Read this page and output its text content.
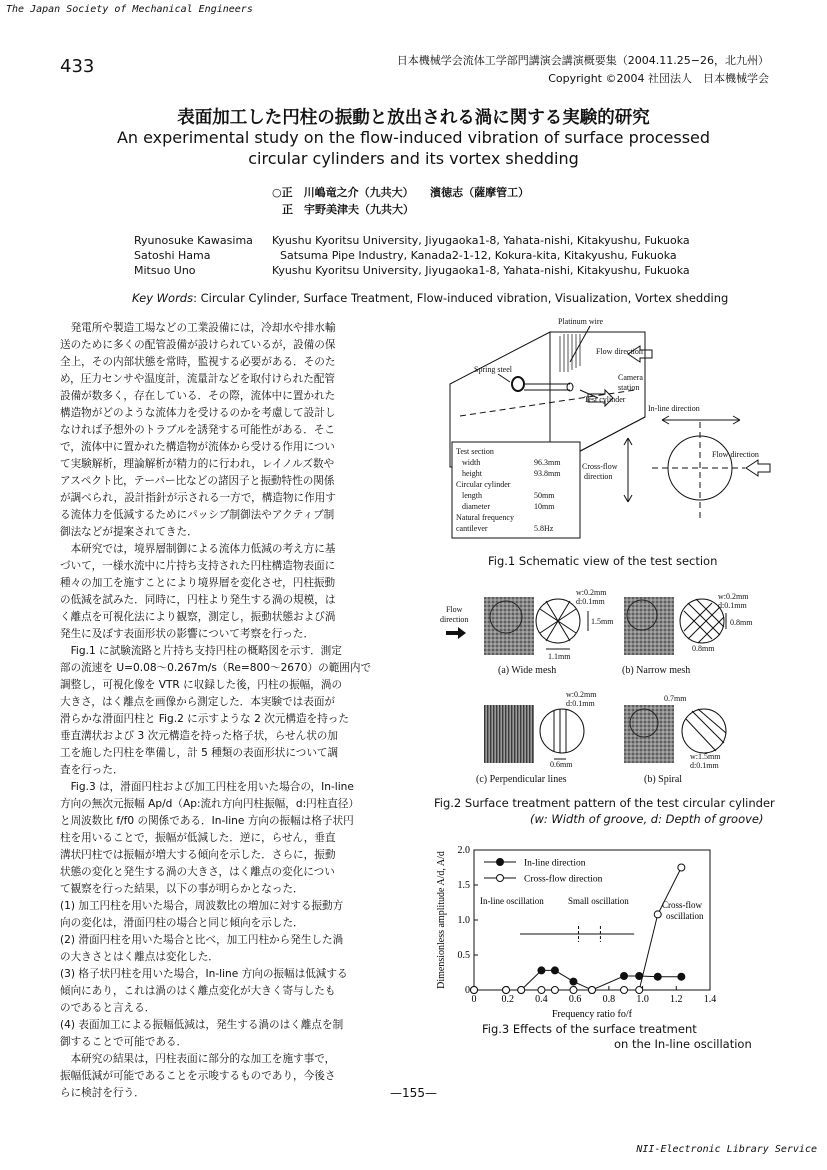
The Japan Society of Mechanical Engineers
433	日本機械学会流体工学部門講演会講演概要集（2004.11.25−26，北九州）
Copyright ©2004 社団法人　日本機械学会
表面加工した円柱の振動と放出される渦に関する実験的研究
An experimental study on the flow-induced vibration of surface processed
circular cylinders and its vortex shedding
○正　川嶋竜之介（九共大）　　濱徳志（薩摩管工）
正　宇野美津夫（九共大）
Ryunosuke Kawasima Kyushu Kyoritsu University, Jiyugaoka1-8, Yahata-nishi, Kitakyushu, Fukuoka
Satoshi Hama	Satsuma Pipe Industry, Kanada2-1-12, Kokura-kita, Kitakyushu, Fukuoka
Mitsuo Uno	Kyushu Kyoritsu University, Jiyugaoka1-8, Yahata-nishi, Kitakyushu, Fukuoka
Key Words: Circular Cylinder, Surface Treatment, Flow-induced vibration, Visualization, Vortex shedding

　発電所や製造工場などの工業設備には，冷却水や排水輸

送のために多くの配管設備が設けられているが，設備の保

全上，その内部状態を常時，監視する必要がある．そのた

め，圧力センサや温度計，流量計などを取付けられた配管

設備が数多く，存在している．その際，流体中に置かれた

構造物がどのような流体力を受けるのかを考慮して設計し

なければ予想外のトラブルを誘発する可能性がある．そこ

で，流体中に置かれた構造物が流体から受ける作用につい

て実験解析，理論解析が精力的に行われ，レイノルズ数や

アスペクト比，テーパー比などの諸因子と振動特性の関係

が調べられ，設計指針が示される一方で，構造物に作用す

る流体力を低減するためにパッシブ制御法やアクティブ制

御法などが提案されてきた．

　本研究では，境界層制御による流体力低減の考え方に基

づいて，一様水流中に片持ち支持された円柱構造物表面に

種々の加工を施すことにより境界層を変化させ，円柱振動

の低減を試みた．同時に，円柱より発生する渦の規模，は

く離点を可視化法により観察，測定し，振動状態および渦

発生に及ぼす表面形状の影響について考察を行った．

　Fig.1 に試験流路と片持ち支持円柱の概略図を示す．測定

部の流速を U=0.08〜0.267m/s（Re=800〜2670）の範囲内で

調整し，可視化像を VTR に収録した後，円柱の振幅，渦の

大きさ，はく離点を画像から測定した．本実験では表面が

滑らかな滑面円柱と Fig.2 に示すような 2 次元構造を持った

垂直溝状および 3 次元構造を持った格子状，らせん状の加

工を施した円柱を準備し，計 5 種類の表面形状について調

査を行った．

　Fig.3 は，滑面円柱および加工円柱を用いた場合の，In-line

方向の無次元振幅 Ap/d（Ap:流れ方向円柱振幅，d:円柱直径）

と周波数比 f/f0 の関係である．In-line 方向の振幅は格子状円

柱を用いることで，振幅が低減した．逆に，らせん，垂直

溝状円柱では振幅が増大する傾向を示した．さらに，振動

状態の変化と発生する渦の大きさ，はく離点の変化につい

て観察を行った結果，以下の事が明らかとなった．

(1) 加工円柱を用いた場合，周波数比の増加に対する振動方

向の変化は，滑面円柱の場合と同じ傾向を示した．

(2) 滑面円柱を用いた場合と比べ，加工円柱から発生した渦

の大きさとはく離点は変化した．

(3) 格子状円柱を用いた場合，In-line 方向の振幅は低減する

傾向にあり，これは渦のはく離点変化が大きく寄与したも

のであると言える．

(4) 表面加工による振幅低減は，発生する渦のはく離点を制

御することで可能である．

　本研究の結果は，円柱表面に部分的な加工を施す事で，

振幅低減が可能であることを示唆するものであり，今後さ

らに検討を行う．

Platinum wire
Spring steel
Flow direction
Camera
station
Test cylinder
In-line direction
Cross-flow
direction
Flow direction
Test section
width	96.3mm
height	93.8mm
Circular cylinder
length	50mm
diameter	10mm
Natural frequency
cantilever	5.8Hz
Fig.1 Schematic view of the test section
Flow
direction
w:0.2mm
d:0.1mm
1.5mm
1.1mm
w:0.2mm
d:0.1mm
0.8mm
0.8mm
(a) Wide mesh	(b) Narrow mesh
w:0.2mm
d:0.1mm
0.6mm
0.7mm
w:1.5mm
d:0.1mm
(c) Perpendicular lines	(b) Spiral
Fig.2 Surface treatment pattern of the test circular cylinder
(w: Width of groove, d: Depth of groove)
0 0.2 0.4 0.6 0.8 1.0 1.2 1.4
0
0.5
1.0
1.5
2.0
Frequency ratio fo/f
Dimensionless amplitude A/d, A/d	In-line direction
Cross-flow direction
In-line oscillation	Small oscillation	Cross-flow
oscillation
Fig.3 Effects of the surface treatment
on the In-line oscillation
—155—
NII-Electronic Library Service
